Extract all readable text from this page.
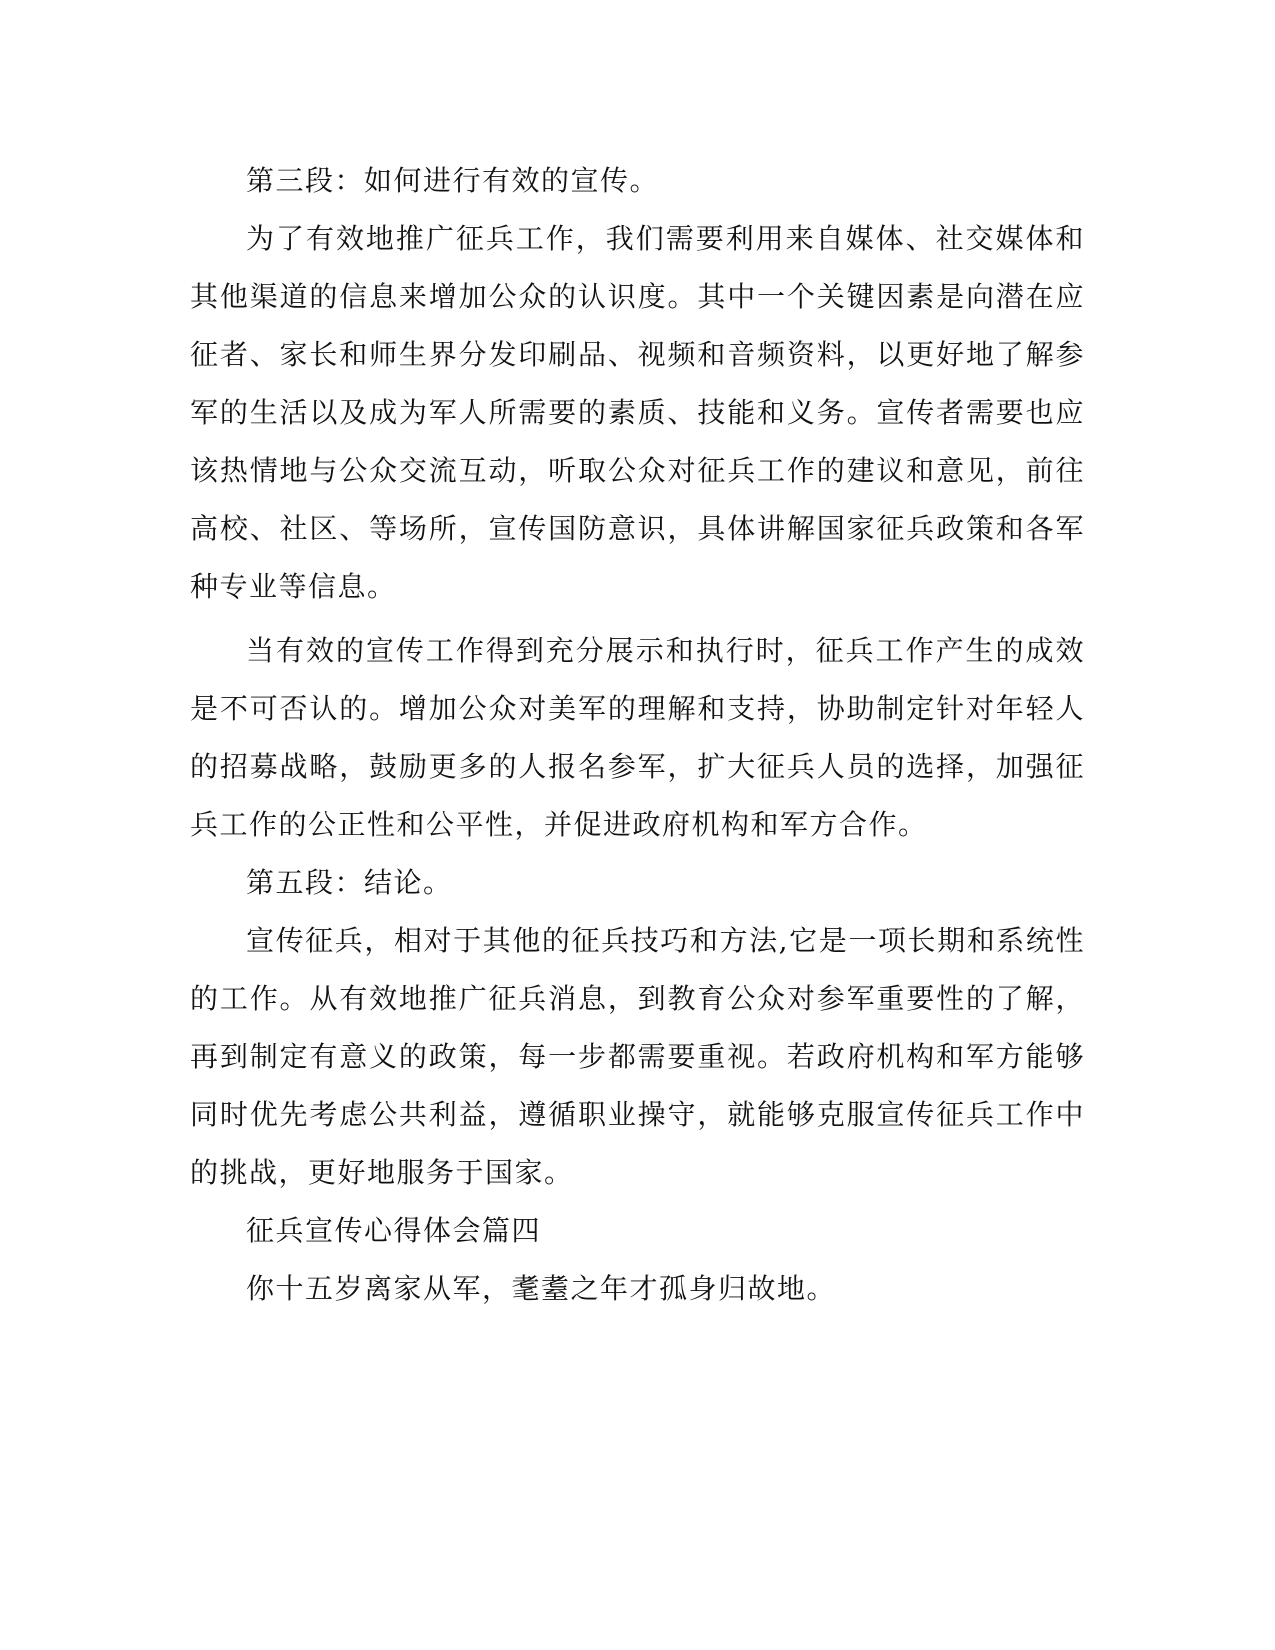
第三段：如何进行有效的宣传。

为了有效地推广征兵工作，我们需要利用来自媒体、社交媒体和其他渠道的信息来增加公众的认识度。其中一个关键因素是向潜在应征者、家长和师生界分发印刷品、视频和音频资料，以更好地了解参军的生活以及成为军人所需要的素质、技能和义务。宣传者需要也应该热情地与公众交流互动，听取公众对征兵工作的建议和意见，前往高校、社区、等场所，宣传国防意识，具体讲解国家征兵政策和各军种专业等信息。

当有效的宣传工作得到充分展示和执行时，征兵工作产生的成效是不可否认的。增加公众对美军的理解和支持，协助制定针对年轻人的招募战略，鼓励更多的人报名参军，扩大征兵人员的选择，加强征兵工作的公正性和公平性，并促进政府机构和军方合作。

第五段：结论。

宣传征兵，相对于其他的征兵技巧和方法,它是一项长期和系统性的工作。从有效地推广征兵消息，到教育公众对参军重要性的了解，再到制定有意义的政策，每一步都需要重视。若政府机构和军方能够同时优先考虑公共利益，遵循职业操守，就能够克服宣传征兵工作中的挑战，更好地服务于国家。

征兵宣传心得体会篇四

你十五岁离家从军，耄耋之年才孤身归故地。
